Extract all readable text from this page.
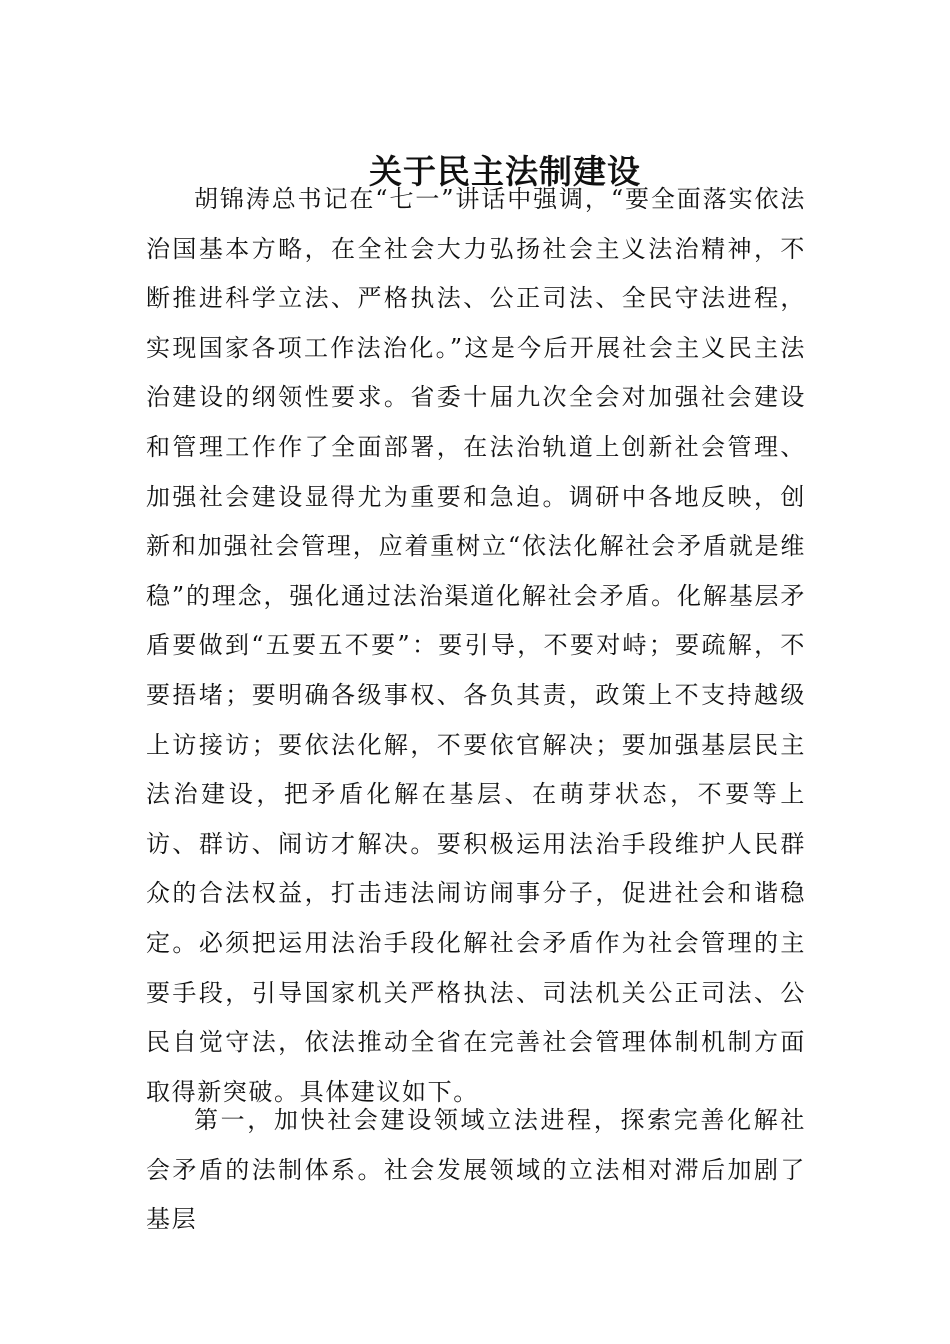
关于民主法制建设

胡锦涛总书记在“七一”讲话中强调，“要全面落实依法治国基本方略，在全社会大力弘扬社会主义法治精神，不断推进科学立法、严格执法、公正司法、全民守法进程，实现国家各项工作法治化。”这是今后开展社会主义民主法治建设的纲领性要求。省委十届九次全会对加强社会建设和管理工作作了全面部署，在法治轨道上创新社会管理、加强社会建设显得尤为重要和急迫。调研中各地反映，创新和加强社会管理，应着重树立“依法化解社会矛盾就是维稳”的理念，强化通过法治渠道化解社会矛盾。化解基层矛盾要做到“五要五不要”：要引导，不要对峙；要疏解，不要捂堵；要明确各级事权、各负其责，政策上不支持越级上访接访；要依法化解，不要依官解决；要加强基层民主法治建设，把矛盾化解在基层、在萌芽状态，不要等上访、群访、闹访才解决。要积极运用法治手段维护人民群众的合法权益，打击违法闹访闹事分子，促进社会和谐稳定。必须把运用法治手段化解社会矛盾作为社会管理的主要手段，引导国家机关严格执法、司法机关公正司法、公民自觉守法，依法推动全省在完善社会管理体制机制方面取得新突破。具体建议如下。

第一，加快社会建设领域立法进程，探索完善化解社会矛盾的法制体系。社会发展领域的立法相对滞后加剧了基层
